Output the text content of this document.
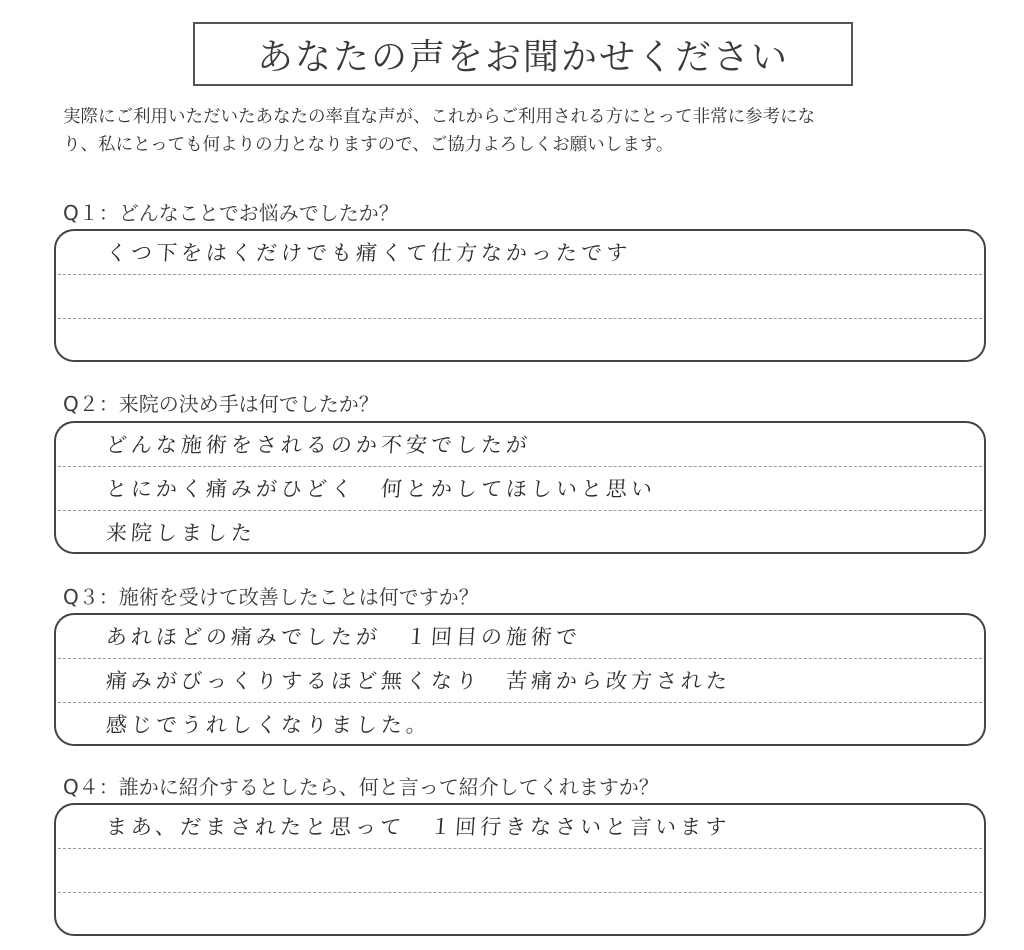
あなたの声をお聞かせください
実際にご利用いただいたあなたの率直な声が、これからご利用される方にとって非常に参考にな
り、私にとっても何よりの力となりますので、ご協力よろしくお願いします。
Q１：どんなことでお悩みでしたか？
くつ下をはくだけでも痛くて仕方なかったです
Q２：来院の決め手は何でしたか？
どんな施術をされるのか不安でしたが
とにかく痛みがひどく　何とかしてほしいと思い
来院しました
Q３：施術を受けて改善したことは何ですか？
あれほどの痛みでしたが　１回目の施術で
痛みがびっくりするほど無くなり　苦痛から改方された
感じでうれしくなりました。
Q４：誰かに紹介するとしたら、何と言って紹介してくれますか？
まあ、だまされたと思って　１回行きなさいと言います
